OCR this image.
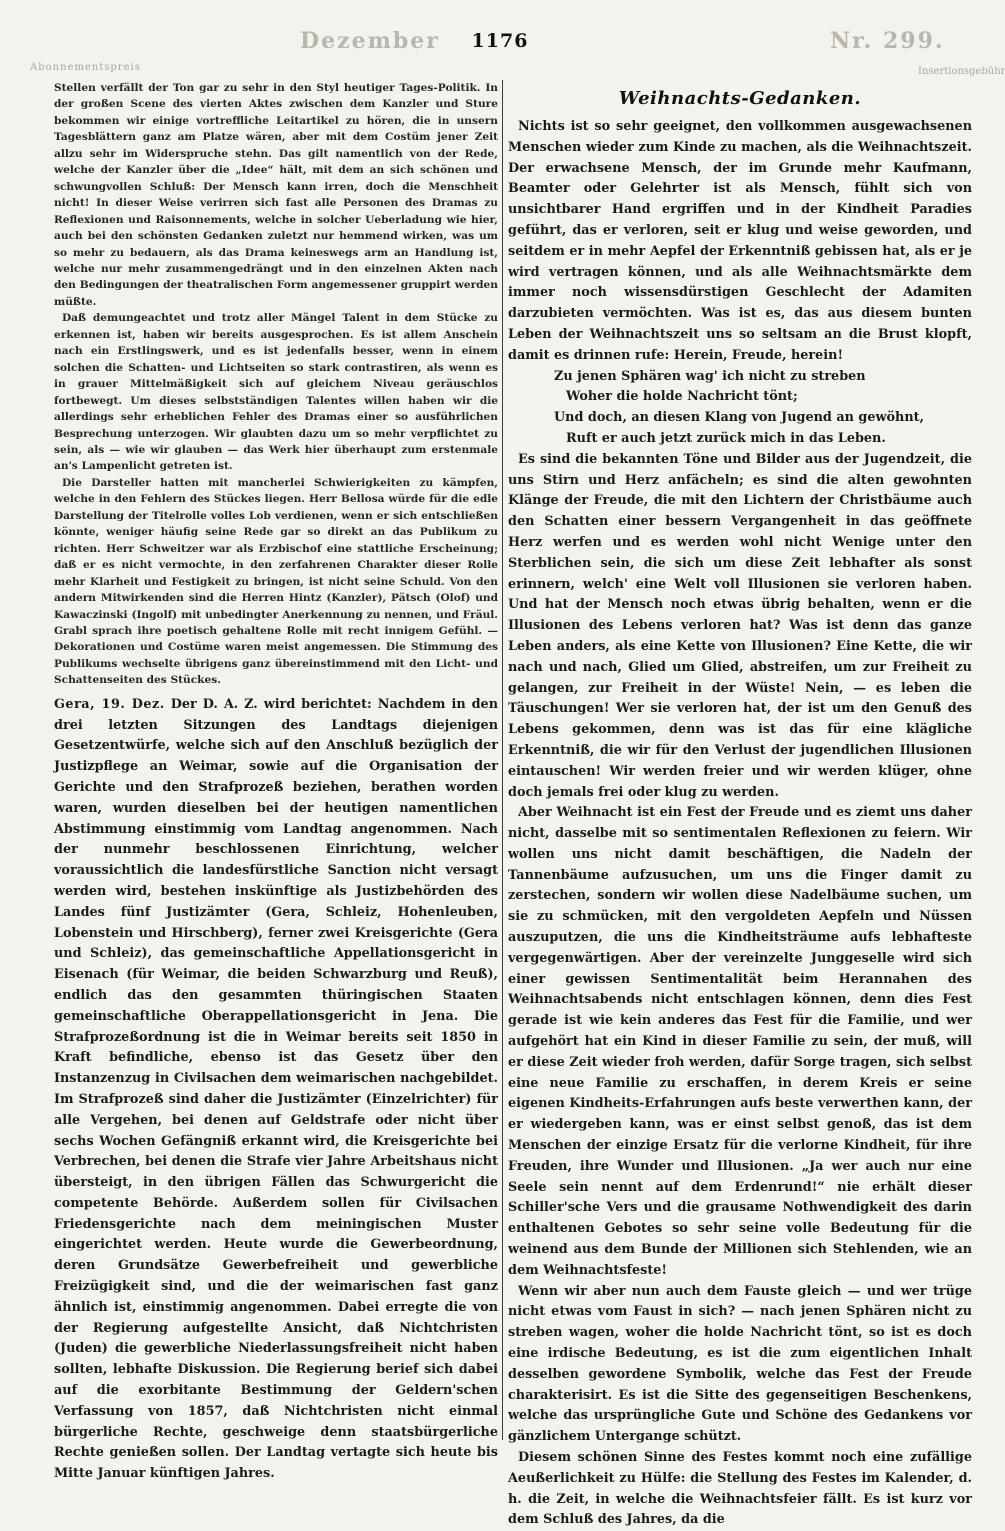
Dezember	Nr. 299.
Abonnementspreis	Insertionsgebühr
1176

Stellen verfällt der Ton gar zu sehr in den Styl heutiger Tages-Politik. In der großen Scene des vierten Aktes zwischen dem Kanzler und Sture bekommen wir einige vortreffliche Leitartikel zu hören, die in unsern Tagesblättern ganz am Platze wären, aber mit dem Costüm jener Zeit allzu sehr im Widerspruche stehn. Das gilt namentlich von der Rede, welche der Kanzler über die „Idee“ hält, mit dem an sich schönen und schwungvollen Schluß: Der Mensch kann irren, doch die Menschheit nicht! In dieser Weise verirren sich fast alle Personen des Dramas zu Reflexionen und Raisonnements, welche in solcher Ueberladung wie hier, auch bei den schönsten Gedanken zuletzt nur hemmend wirken, was um so mehr zu bedauern, als das Drama keineswegs arm an Handlung ist, welche nur mehr zusammengedrängt und in den einzelnen Akten nach den Bedingungen der theatralischen Form angemessener gruppirt werden müßte.

Daß demungeachtet und trotz aller Mängel Talent in dem Stücke zu erkennen ist, haben wir bereits ausgesprochen. Es ist allem Anschein nach ein Erstlingswerk, und es ist jedenfalls besser, wenn in einem solchen die Schatten- und Lichtseiten so stark contrastiren, als wenn es in grauer Mittelmäßigkeit sich auf gleichem Niveau geräuschlos fortbewegt. Um dieses selbstständigen Talentes willen haben wir die allerdings sehr erheblichen Fehler des Dramas einer so ausführlichen Besprechung unterzogen. Wir glaubten dazu um so mehr verpflichtet zu sein, als — wie wir glauben — das Werk hier überhaupt zum erstenmale an's Lampenlicht getreten ist.

Die Darsteller hatten mit mancherlei Schwierigkeiten zu kämpfen, welche in den Fehlern des Stückes liegen. Herr Bellosa würde für die edle Darstellung der Titelrolle volles Lob verdienen, wenn er sich entschließen könnte, weniger häufig seine Rede gar so direkt an das Publikum zu richten. Herr Schweitzer war als Erzbischof eine stattliche Erscheinung; daß er es nicht vermochte, in den zerfahrenen Charakter dieser Rolle mehr Klarheit und Festigkeit zu bringen, ist nicht seine Schuld. Von den andern Mitwirkenden sind die Herren Hintz (Kanzler), Pätsch (Olof) und Kawaczinski (Ingolf) mit unbedingter Anerkennung zu nennen, und Fräul. Grabl sprach ihre poetisch gehaltene Rolle mit recht innigem Gefühl. — Dekorationen und Costüme waren meist angemessen. Die Stimmung des Publikums wechselte übrigens ganz übereinstimmend mit den Licht- und Schattenseiten des Stückes.

Gera, 19. Dez. Der D. A. Z. wird berichtet: Nachdem in den drei letzten Sitzungen des Landtags diejenigen Gesetzentwürfe, welche sich auf den Anschluß bezüglich der Justizpflege an Weimar, sowie auf die Organisation der Gerichte und den Strafprozeß beziehen, berathen worden waren, wurden dieselben bei der heutigen namentlichen Abstimmung einstimmig vom Landtag angenommen. Nach der nunmehr beschlossenen Einrichtung, welcher voraussichtlich die landesfürstliche Sanction nicht versagt werden wird, bestehen inskünftige als Justizbehörden des Landes fünf Justizämter (Gera, Schleiz, Hohenleuben, Lobenstein und Hirschberg), ferner zwei Kreisgerichte (Gera und Schleiz), das gemeinschaftliche Appellationsgericht in Eisenach (für Weimar, die beiden Schwarzburg und Reuß), endlich das den gesammten thüringischen Staaten gemeinschaftliche Oberappellationsgericht in Jena. Die Strafprozeßordnung ist die in Weimar bereits seit 1850 in Kraft befindliche, ebenso ist das Gesetz über den Instanzenzug in Civilsachen dem weimarischen nachgebildet. Im Strafprozeß sind daher die Justizämter (Einzelrichter) für alle Vergehen, bei denen auf Geldstrafe oder nicht über sechs Wochen Gefängniß erkannt wird, die Kreisgerichte bei Verbrechen, bei denen die Strafe vier Jahre Arbeitshaus nicht übersteigt, in den übrigen Fällen das Schwurgericht die competente Behörde. Außerdem sollen für Civilsachen Friedensgerichte nach dem meiningischen Muster eingerichtet werden. Heute wurde die Gewerbeordnung, deren Grundsätze Gewerbefreiheit und gewerbliche Freizügigkeit sind, und die der weimarischen fast ganz ähnlich ist, einstimmig angenommen. Dabei erregte die von der Regierung aufgestellte Ansicht, daß Nichtchristen (Juden) die gewerbliche Niederlassungsfreiheit nicht haben sollten, lebhafte Diskussion. Die Regierung berief sich dabei auf die exorbitante Bestimmung der Geldern'schen Verfassung von 1857, daß Nichtchristen nicht einmal bürgerliche Rechte, geschweige denn staatsbürgerliche Rechte genießen sollen. Der Landtag vertagte sich heute bis Mitte Januar künftigen Jahres.

Weihnachts-Gedanken.

Nichts ist so sehr geeignet, den vollkommen ausgewachsenen Menschen wieder zum Kinde zu machen, als die Weihnachtszeit. Der erwachsene Mensch, der im Grunde mehr Kaufmann, Beamter oder Gelehrter ist als Mensch, fühlt sich von unsichtbarer Hand ergriffen und in der Kindheit Paradies geführt, das er verloren, seit er klug und weise geworden, und seitdem er in mehr Aepfel der Erkenntniß gebissen hat, als er je wird vertragen können, und als alle Weihnachtsmärkte dem immer noch wissensdürstigen Geschlecht der Adamiten darzubieten vermöchten. Was ist es, das aus diesem bunten Leben der Weihnachtszeit uns so seltsam an die Brust klopft, damit es drinnen rufe: Herein, Freude, herein!

Zu jenen Sphären wag' ich nicht zu streben
Woher die holde Nachricht tönt;
Und doch, an diesen Klang von Jugend an gewöhnt,
Ruft er auch jetzt zurück mich in das Leben.

Es sind die bekannten Töne und Bilder aus der Jugendzeit, die uns Stirn und Herz anfächeln; es sind die alten gewohnten Klänge der Freude, die mit den Lichtern der Christbäume auch den Schatten einer bessern Vergangenheit in das geöffnete Herz werfen und es werden wohl nicht Wenige unter den Sterblichen sein, die sich um diese Zeit lebhafter als sonst erinnern, welch' eine Welt voll Illusionen sie verloren haben. Und hat der Mensch noch etwas übrig behalten, wenn er die Illusionen des Lebens verloren hat? Was ist denn das ganze Leben anders, als eine Kette von Illusionen? Eine Kette, die wir nach und nach, Glied um Glied, abstreifen, um zur Freiheit zu gelangen, zur Freiheit in der Wüste! Nein, — es leben die Täuschungen! Wer sie verloren hat, der ist um den Genuß des Lebens gekommen, denn was ist das für eine klägliche Erkenntniß, die wir für den Verlust der jugendlichen Illusionen eintauschen! Wir werden freier und wir werden klüger, ohne doch jemals frei oder klug zu werden.

Aber Weihnacht ist ein Fest der Freude und es ziemt uns daher nicht, dasselbe mit so sentimentalen Reflexionen zu feiern. Wir wollen uns nicht damit beschäftigen, die Nadeln der Tannenbäume aufzusuchen, um uns die Finger damit zu zerstechen, sondern wir wollen diese Nadelbäume suchen, um sie zu schmücken, mit den vergoldeten Aepfeln und Nüssen auszuputzen, die uns die Kindheitsträume aufs lebhafteste vergegenwärtigen. Aber der vereinzelte Junggeselle wird sich einer gewissen Sentimentalität beim Herannahen des Weihnachtsabends nicht entschlagen können, denn dies Fest gerade ist wie kein anderes das Fest für die Familie, und wer aufgehört hat ein Kind in dieser Familie zu sein, der muß, will er diese Zeit wieder froh werden, dafür Sorge tragen, sich selbst eine neue Familie zu erschaffen, in derem Kreis er seine eigenen Kindheits-Erfahrungen aufs beste verwerthen kann, der er wiedergeben kann, was er einst selbst genoß, das ist dem Menschen der einzige Ersatz für die verlorne Kindheit, für ihre Freuden, ihre Wunder und Illusionen. „Ja wer auch nur eine Seele sein nennt auf dem Erdenrund!“ nie erhält dieser Schiller'sche Vers und die grausame Nothwendigkeit des darin enthaltenen Gebotes so sehr seine volle Bedeutung für die weinend aus dem Bunde der Millionen sich Stehlenden, wie an dem Weihnachtsfeste!

Wenn wir aber nun auch dem Fauste gleich — und wer trüge nicht etwas vom Faust in sich? — nach jenen Sphären nicht zu streben wagen, woher die holde Nachricht tönt, so ist es doch eine irdische Bedeutung, es ist die zum eigentlichen Inhalt desselben gewordene Symbolik, welche das Fest der Freude charakterisirt. Es ist die Sitte des gegenseitigen Beschenkens, welche das ursprüngliche Gute und Schöne des Gedankens vor gänzlichem Untergange schützt.

Diesem schönen Sinne des Festes kommt noch eine zufällige Aeußerlichkeit zu Hülfe: die Stellung des Festes im Kalender, d. h. die Zeit, in welche die Weihnachtsfeier fällt. Es ist kurz vor dem Schluß des Jahres, da die
